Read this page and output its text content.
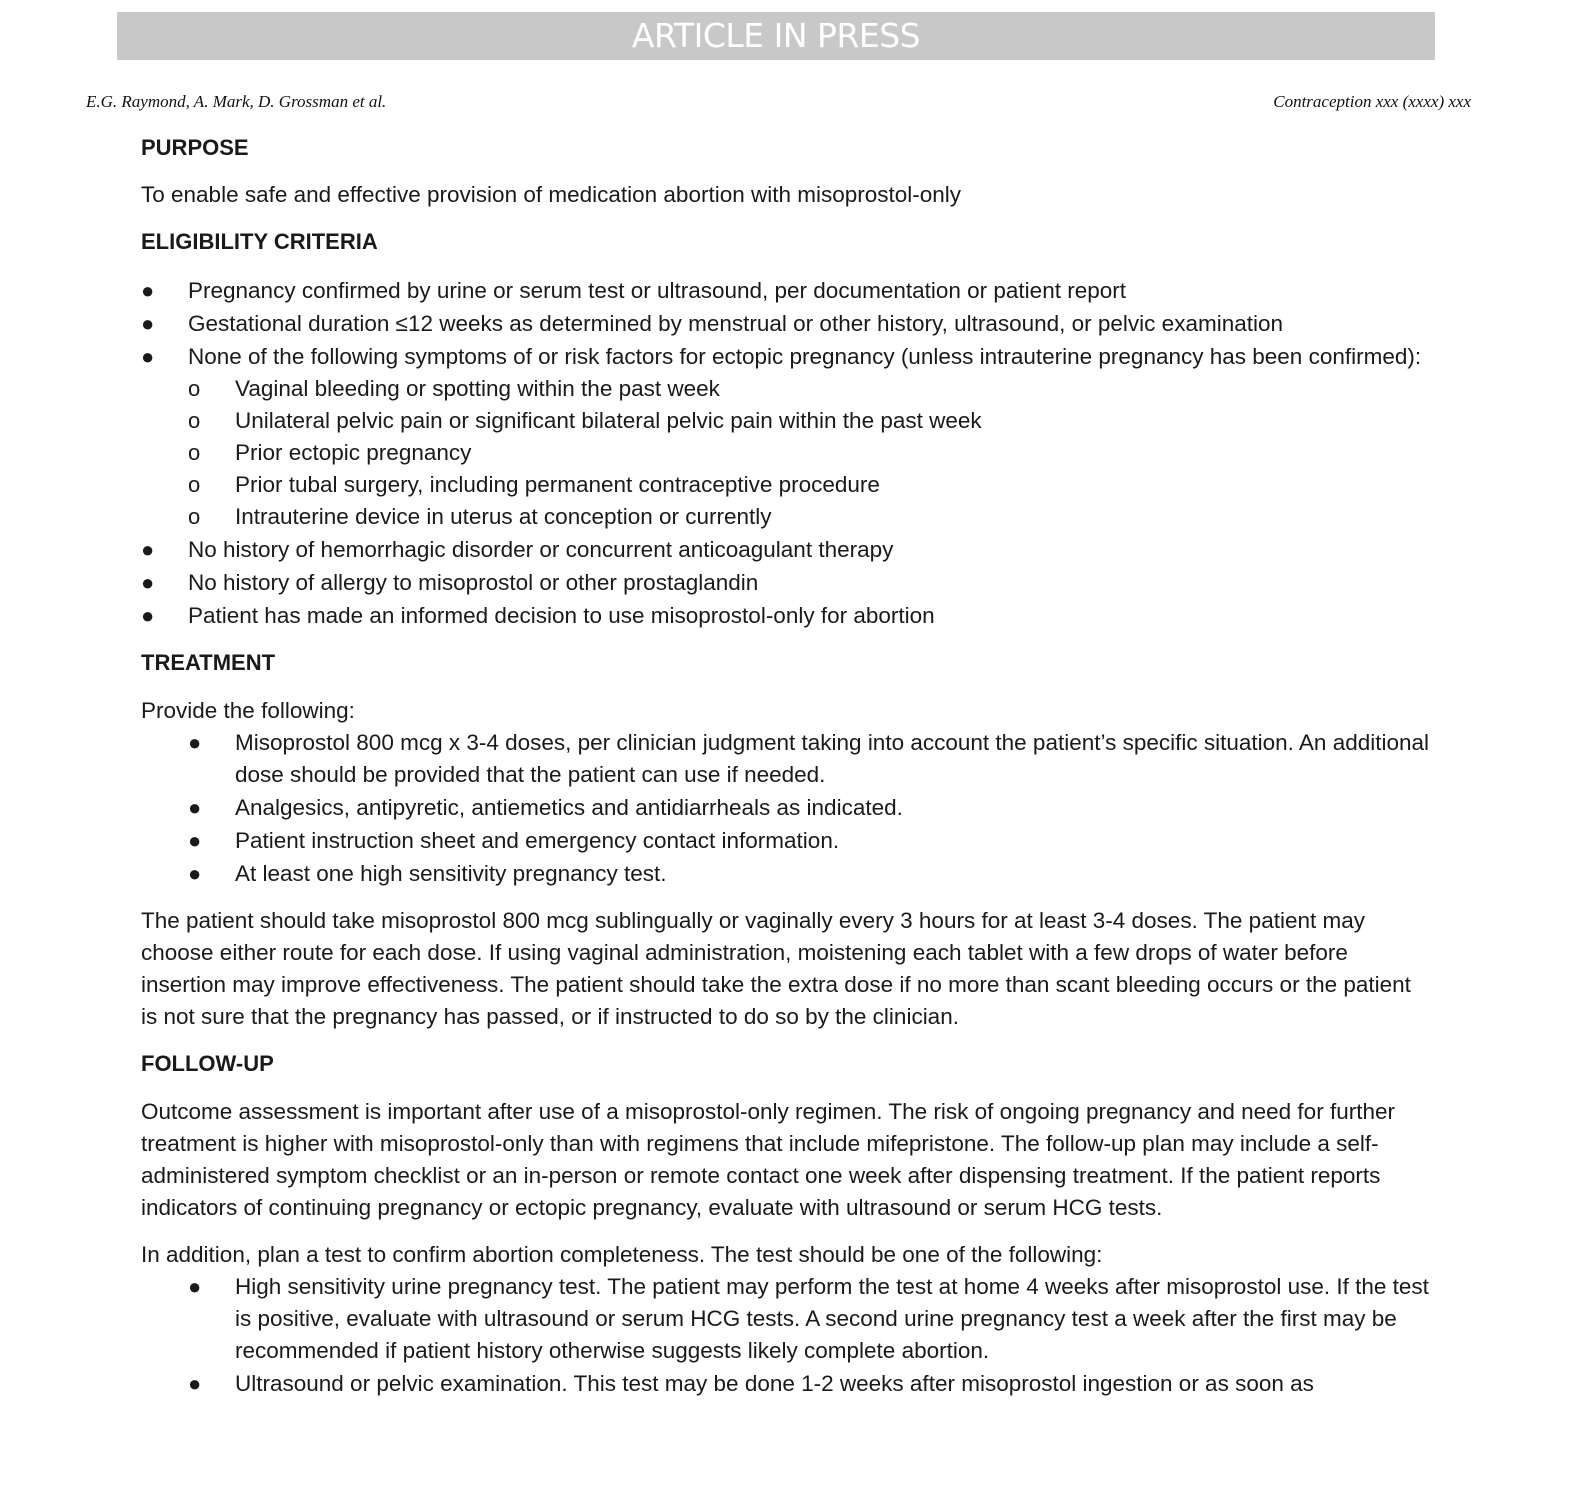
ARTICLE IN PRESS
E.G. Raymond, A. Mark, D. Grossman et al.	Contraception xxx (xxxx) xxx
PURPOSE

To enable safe and effective provision of medication abortion with misoprostol-only

ELIGIBILITY CRITERIA
● Pregnancy confirmed by urine or serum test or ultrasound, per documentation or patient report
● Gestational duration ≤12 weeks as determined by menstrual or other history, ultrasound, or pelvic examination
● None of the following symptoms of or risk factors for ectopic pregnancy (unless intrauterine pregnancy has been confirmed):
o	Vaginal bleeding or spotting within the past week
o	Unilateral pelvic pain or significant bilateral pelvic pain within the past week
o	Prior ectopic pregnancy
o	Prior tubal surgery, including permanent contraceptive procedure
o	Intrauterine device in uterus at conception or currently
● No history of hemorrhagic disorder or concurrent anticoagulant therapy
● No history of allergy to misoprostol or other prostaglandin
● Patient has made an informed decision to use misoprostol-only for abortion
TREATMENT

Provide the following:

●	Misoprostol 800 mcg x 3-4 doses, per clinician judgment taking into account the patient’s specific situation. An additional dose should be provided that the patient can use if needed.
●	Analgesics, antipyretic, antiemetics and antidiarrheals as indicated.
●	Patient instruction sheet and emergency contact information.
●	At least one high sensitivity pregnancy test.

The patient should take misoprostol 800 mcg sublingually or vaginally every 3 hours for at least 3-4 doses. The patient may choose either route for each dose. If using vaginal administration, moistening each tablet with a few drops of water before insertion may improve effectiveness. The patient should take the extra dose if no more than scant bleeding occurs or the patient is not sure that the pregnancy has passed, or if instructed to do so by the clinician.

FOLLOW-UP

Outcome assessment is important after use of a misoprostol-only regimen. The risk of ongoing pregnancy and need for further treatment is higher with misoprostol-only than with regimens that include mifepristone. The follow-up plan may include a self-administered symptom checklist or an in-person or remote contact one week after dispensing treatment. If the patient reports indicators of continuing pregnancy or ectopic pregnancy, evaluate with ultrasound or serum HCG tests.

In addition, plan a test to confirm abortion completeness. The test should be one of the following:

●	High sensitivity urine pregnancy test. The patient may perform the test at home 4 weeks after misoprostol use. If the test is positive, evaluate with ultrasound or serum HCG tests. A second urine pregnancy test a week after the first may be recommended if patient history otherwise suggests likely complete abortion.
●	Ultrasound or pelvic examination. This test may be done 1-2 weeks after misoprostol ingestion or as soon as
